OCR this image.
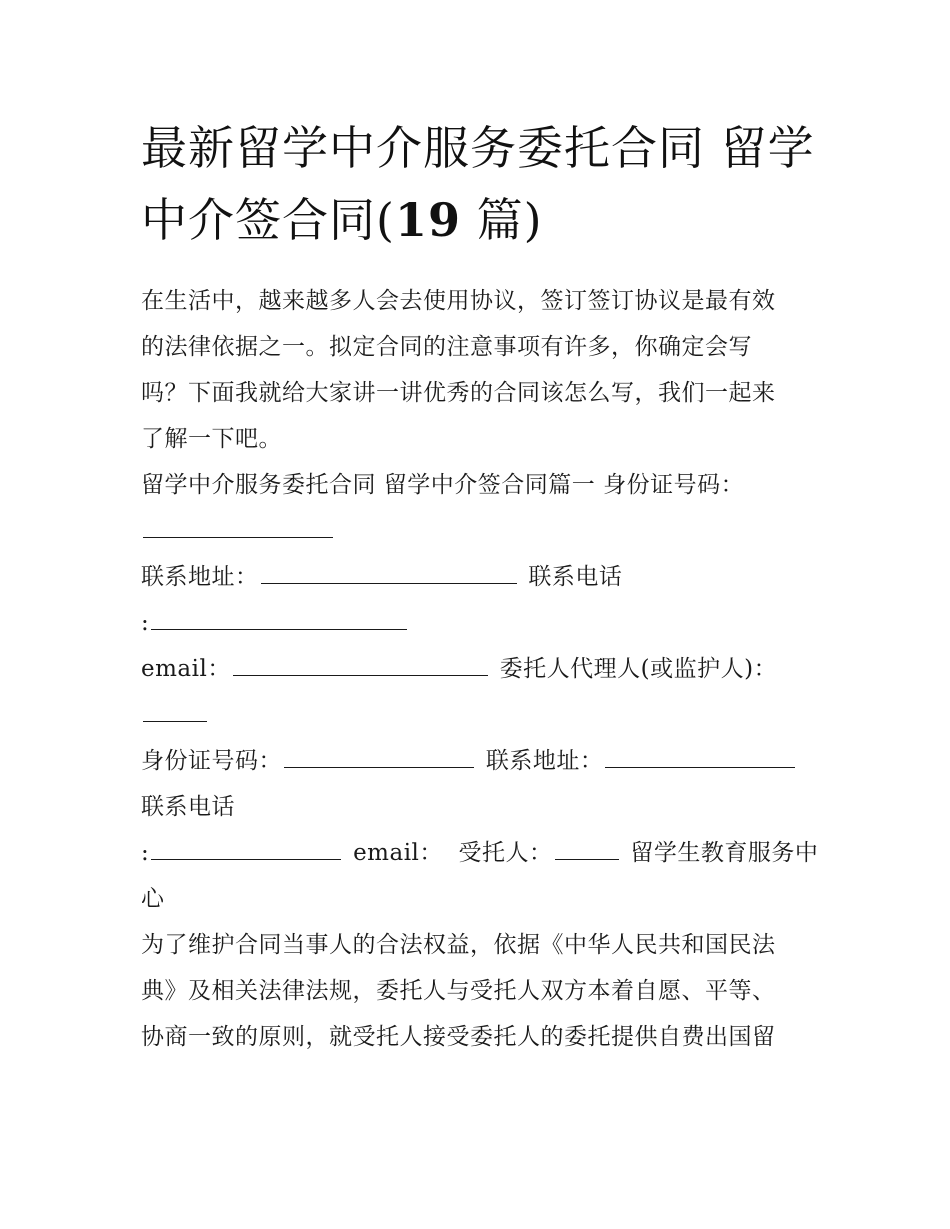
最新留学中介服务委托合同 留学中介签合同(19 篇)
在生活中，越来越多人会去使用协议，签订签订协议是最有效
的法律依据之一。拟定合同的注意事项有许多，你确定会写
吗？下面我就给大家讲一讲优秀的合同该怎么写，我们一起来
了解一下吧。
留学中介服务委托合同 留学中介签合同篇一 身份证号码：
联系地址：	联系电话
:
email：	委托人代理人(或监护人)：
身份证号码：	联系地址：
联系电话
:	email： 受托人：	留学生教育服务中
心
为了维护合同当事人的合法权益，依据《中华人民共和国民法
典》及相关法律法规，委托人与受托人双方本着自愿、平等、
协商一致的原则，就受托人接受委托人的委托提供自费出国留
